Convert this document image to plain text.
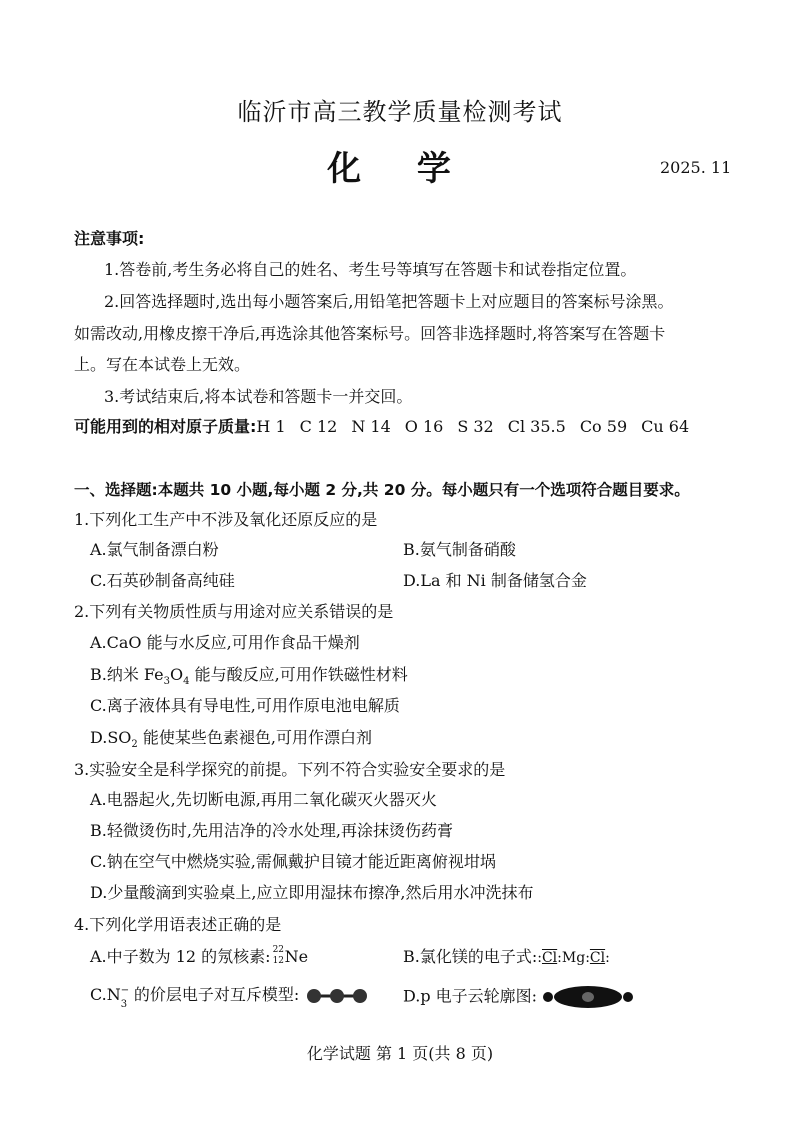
临沂市高三教学质量检测考试
化 学	2025. 11
注意事项:
1.答卷前,考生务必将自己的姓名、考生号等填写在答题卡和试卷指定位置。
2.回答选择题时,选出每小题答案后,用铅笔把答题卡上对应题目的答案标号涂黑。
如需改动,用橡皮擦干净后,再选涂其他答案标号。回答非选择题时,将答案写在答题卡
上。写在本试卷上无效。
3.考试结束后,将本试卷和答题卡一并交回。
可能用到的相对原子质量:H 1 C 12 N 14 O 16 S 32 Cl 35.5 Co 59 Cu 64
一、选择题:本题共 10 小题,每小题 2 分,共 20 分。每小题只有一个选项符合题目要求。
1.下列化工生产中不涉及氧化还原反应的是
A.氯气制备漂白粉	B.氨气制备硝酸
C.石英砂制备高纯硅	D.La 和 Ni 制备储氢合金
2.下列有关物质性质与用途对应关系错误的是
A.CaO 能与水反应,可用作食品干燥剂
B.纳米 $Fe_3O_4$ 能与酸反应,可用作铁磁性材料
C.离子液体具有导电性,可用作原电池电解质
$D.SO_2$ 能使某些色素褪色,可用作漂白剂
3.实验安全是科学探究的前提。下列不符合实验安全要求的是
A.电器起火,先切断电源,再用二氧化碳灭火器灭火
B.轻微烫伤时,先用洁净的冷水处理,再涂抹烫伤药膏
C.钠在空气中燃烧实验,需佩戴护目镜才能近距离俯视坩埚
D.少量酸滴到实验桌上,应立即用湿抹布擦净,然后用水冲洗抹布
4.下列化学用语表述正确的是
A.中子数为 12 的氖核素: 22
12 Ne	B.氯化镁的电子式::Cl:Mg:Cl:
C.N −
3
的价层电子对互斥模型:	D.p 电子云轮廓图:
化学试题 第 1 页(共 8 页)
